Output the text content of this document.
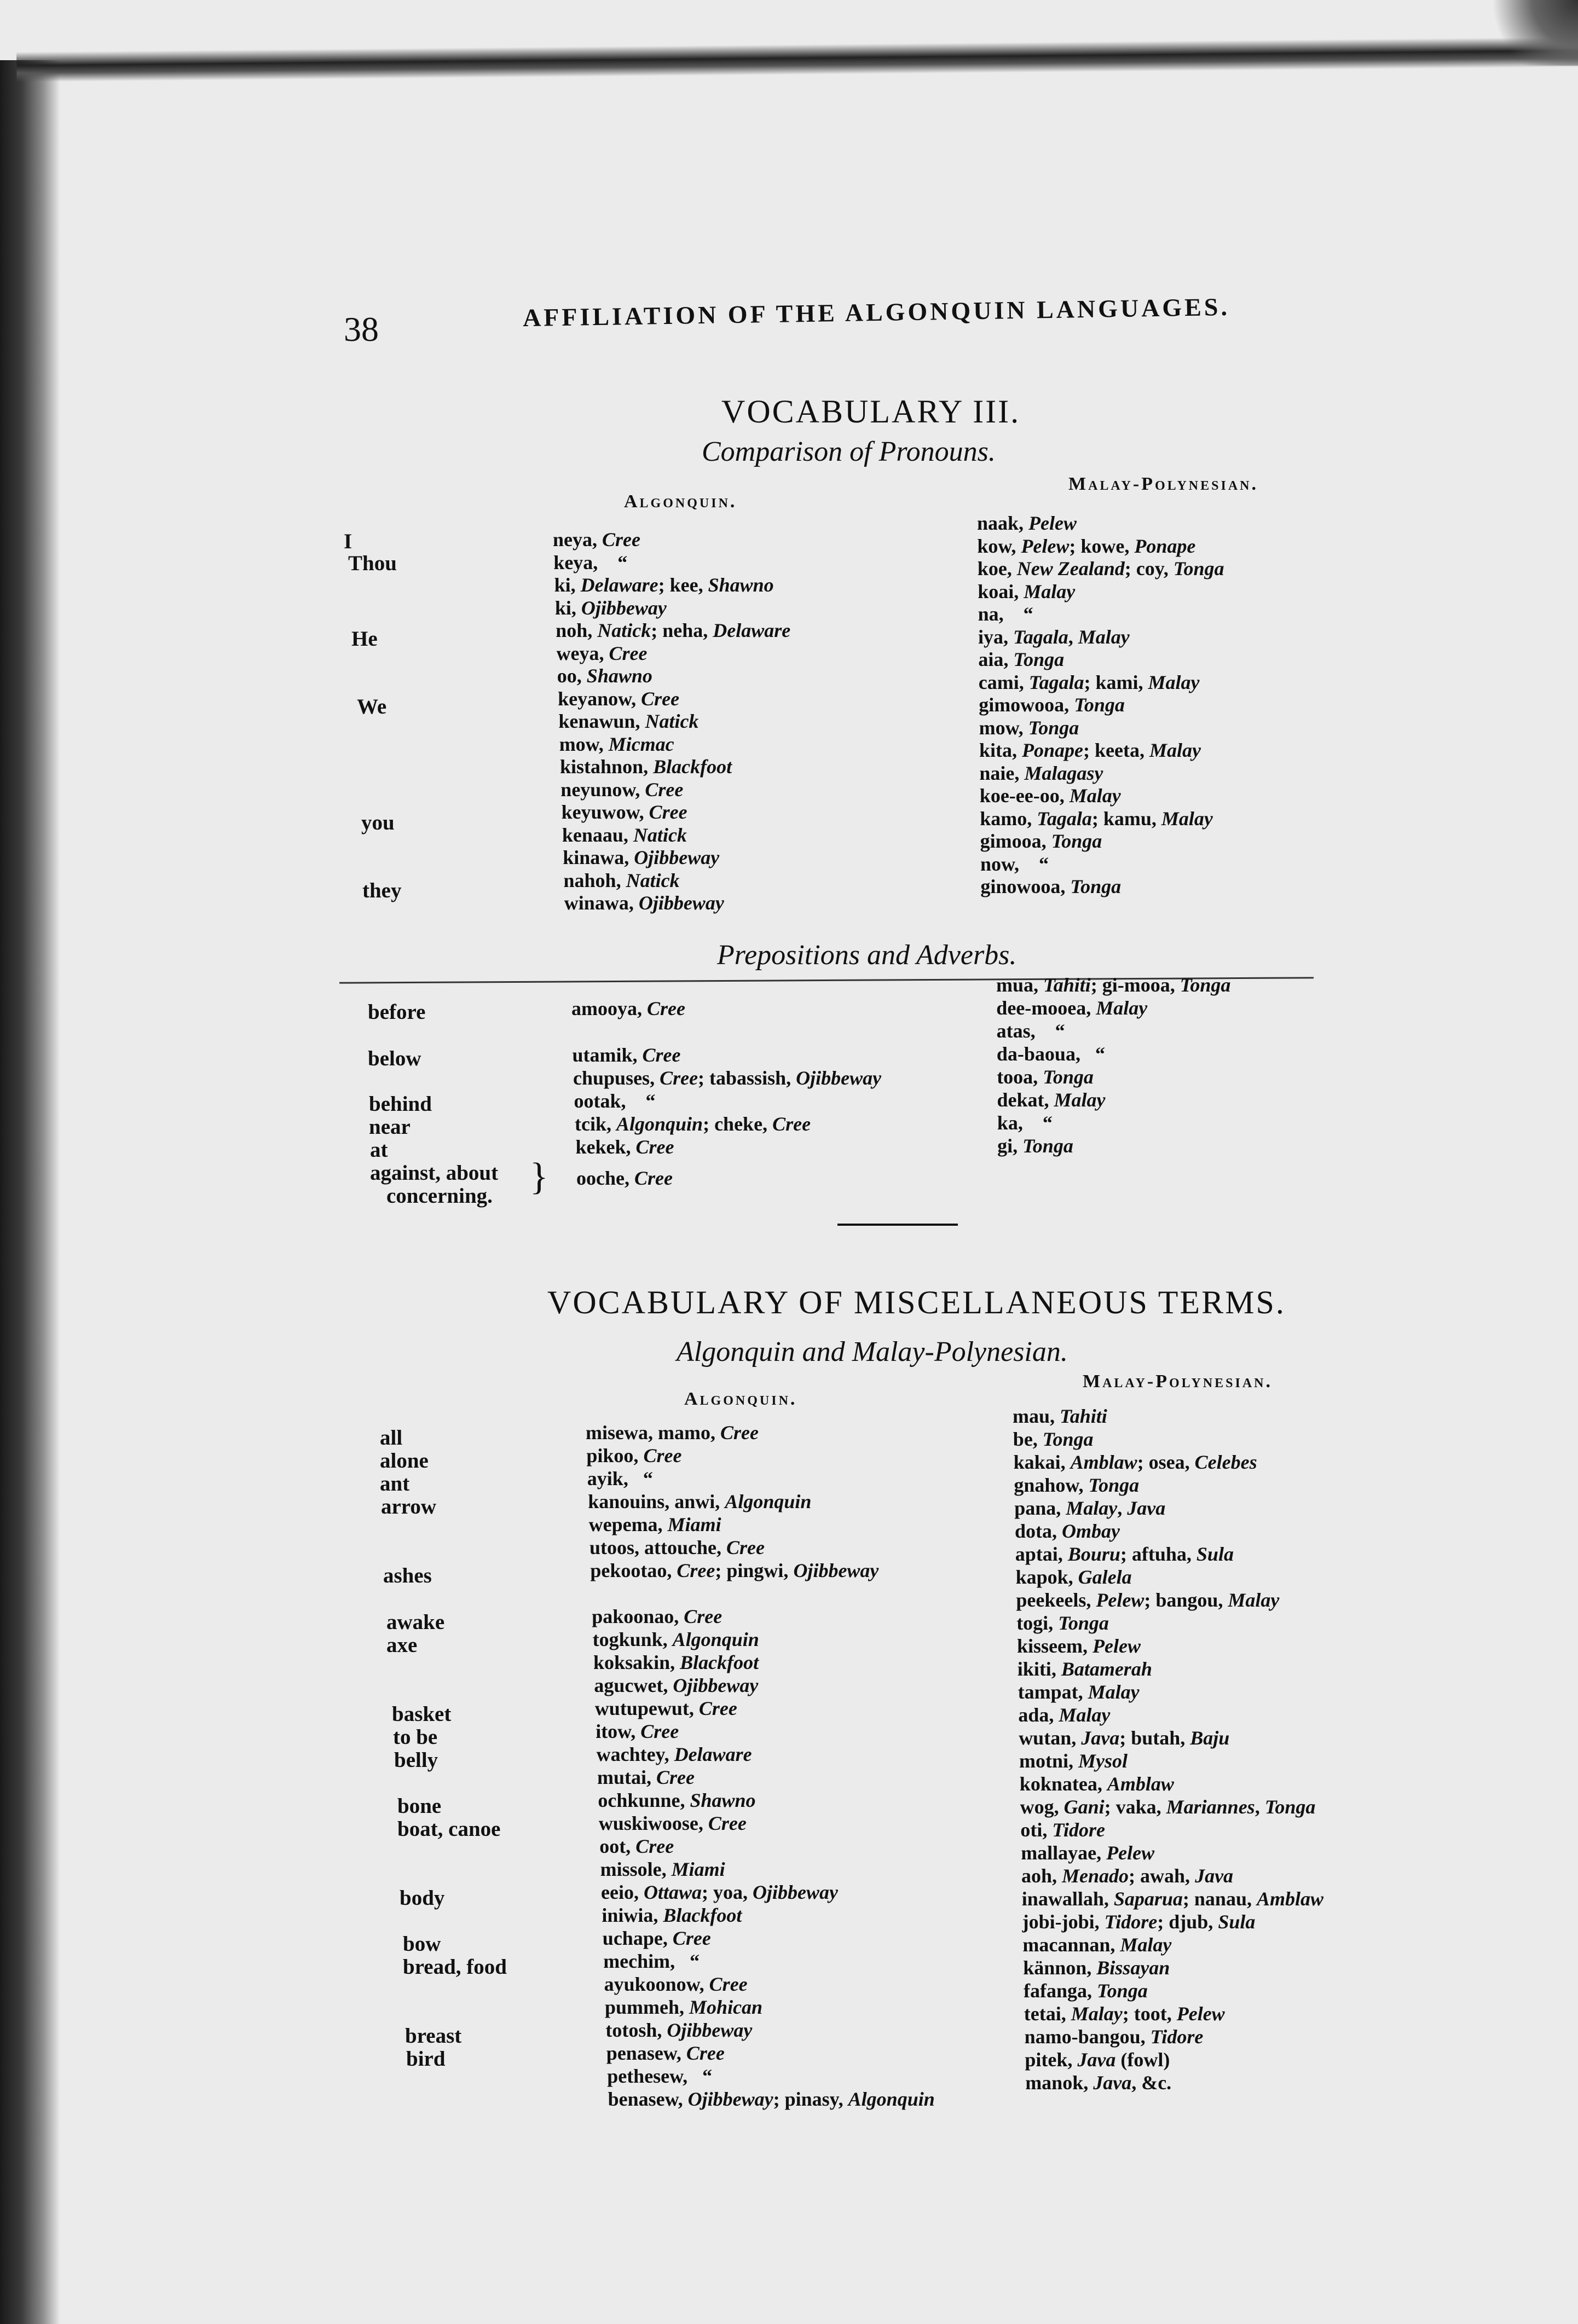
38	AFFILIATION OF THE ALGONQUIN LANGUAGES.
VOCABULARY III.
Comparison of Pronouns.
Algonquin.
Malay-Polynesian.
I
Thou
He
We
you
they
neya, Cree
keya,    “
ki, Delaware; kee, Shawno
ki, Ojibbeway
noh, Natick; neha, Delaware
weya, Cree
oo, Shawno
keyanow, Cree
kenawun, Natick
mow, Micmac
kistahnon, Blackfoot
neyunow, Cree
keyuwow, Cree
kenaau, Natick
kinawa, Ojibbeway
nahoh, Natick
winawa, Ojibbeway
naak, Pelew
kow, Pelew; kowe, Ponape
koe, New Zealand; coy, Tonga
koai, Malay
na,    “
iya, Tagala, Malay
aia, Tonga
cami, Tagala; kami, Malay
gimowooa, Tonga
mow, Tonga
kita, Ponape; keeta, Malay
naie, Malagasy
koe-ee-oo, Malay
kamo, Tagala; kamu, Malay
gimooa, Tonga
now,    “
ginowooa, Tonga
Prepositions and Adverbs.
before
below
behind
near
at
against, about
concerning. }
amooya, Cree
utamik, Cree
chupuses, Cree; tabassish, Ojibbeway
ootak,    “
tcik, Algonquin; cheke, Cree
kekek, Cree
ooche, Cree
mua, Tahiti; gi-mooa, Tonga
dee-mooea, Malay
atas,    “
da-baoua,   “
tooa, Tonga
dekat, Malay
ka,    “
gi, Tonga
VOCABULARY OF MISCELLANEOUS TERMS.
Algonquin and Malay-Polynesian.
Algonquin.
Malay-Polynesian.
all
alone
ant
arrow
ashes
awake
axe
basket
to be
belly
bone
boat, canoe
body
bow
bread, food
breast
bird
misewa, mamo, Cree
pikoo, Cree
ayik,   “
kanouins, anwi, Algonquin
wepema, Miami
utoos, attouche, Cree
pekootao, Cree; pingwi, Ojibbeway
pakoonao, Cree
togkunk, Algonquin
koksakin, Blackfoot
agucwet, Ojibbeway
wutupewut, Cree
itow, Cree
wachtey, Delaware
mutai, Cree
ochkunne, Shawno
wuskiwoose, Cree
oot, Cree
missole, Miami
eeio, Ottawa; yoa, Ojibbeway
iniwia, Blackfoot
uchape, Cree
mechim,   “
ayukoonow, Cree
pummeh, Mohican
totosh, Ojibbeway
penasew, Cree
pethesew,   “
benasew, Ojibbeway; pinasy, Algonquin
mau, Tahiti
be, Tonga
kakai, Amblaw; osea, Celebes
gnahow, Tonga
pana, Malay, Java
dota, Ombay
aptai, Bouru; aftuha, Sula
kapok, Galela
peekeels, Pelew; bangou, Malay
togi, Tonga
kisseem, Pelew
ikiti, Batamerah
tampat, Malay
ada, Malay
wutan, Java; butah, Baju
motni, Mysol
koknatea, Amblaw
wog, Gani; vaka, Mariannes, Tonga
oti, Tidore
mallayae, Pelew
aoh, Menado; awah, Java
inawallah, Saparua; nanau, Amblaw
jobi-jobi, Tidore; djub, Sula
macannan, Malay
kännon, Bissayan
fafanga, Tonga
tetai, Malay; toot, Pelew
namo-bangou, Tidore
pitek, Java (fowl)
manok, Java, &c.
